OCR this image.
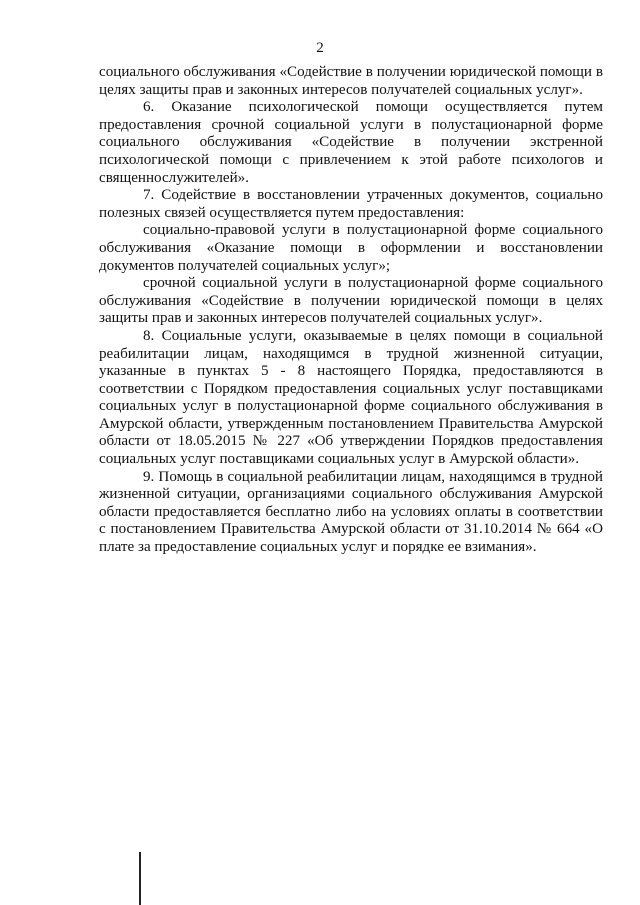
2

социального обслуживания «Содействие в получении юридической помощи в целях защиты прав и законных интересов получателей социальных услуг».

6. Оказание психологической помощи осуществляется путем предоставления срочной социальной услуги в полустационарной форме социального обслуживания «Содействие в получении экстренной психологической помощи с привлечением к этой работе психологов и священнослужителей».

7. Содействие в восстановлении утраченных документов, социально полезных связей осуществляется путем предоставления:

социально-правовой услуги в полустационарной форме социального обслуживания «Оказание помощи в оформлении и восстановлении документов получателей социальных услуг»;

срочной социальной услуги в полустационарной форме социального обслуживания «Содействие в получении юридической помощи в целях защиты прав и законных интересов получателей социальных услуг».

8. Социальные услуги, оказываемые в целях помощи в социальной реабилитации лицам, находящимся в трудной жизненной ситуации, указанные в пунктах 5 - 8 настоящего Порядка, предоставляются в соответствии с Порядком предоставления социальных услуг поставщиками социальных услуг в полустационарной форме социального обслуживания в Амурской области, утвержденным постановлением Правительства Амурской области от 18.05.2015 № 227 «Об утверждении Порядков предоставления социальных услуг поставщиками социальных услуг в Амурской области».

9. Помощь в социальной реабилитации лицам, находящимся в трудной жизненной ситуации, организациями социального обслуживания Амурской области предоставляется бесплатно либо на условиях оплаты в соответствии с постановлением Правительства Амурской области от 31.10.2014 № 664 «О плате за предоставление социальных услуг и порядке ее взимания».
